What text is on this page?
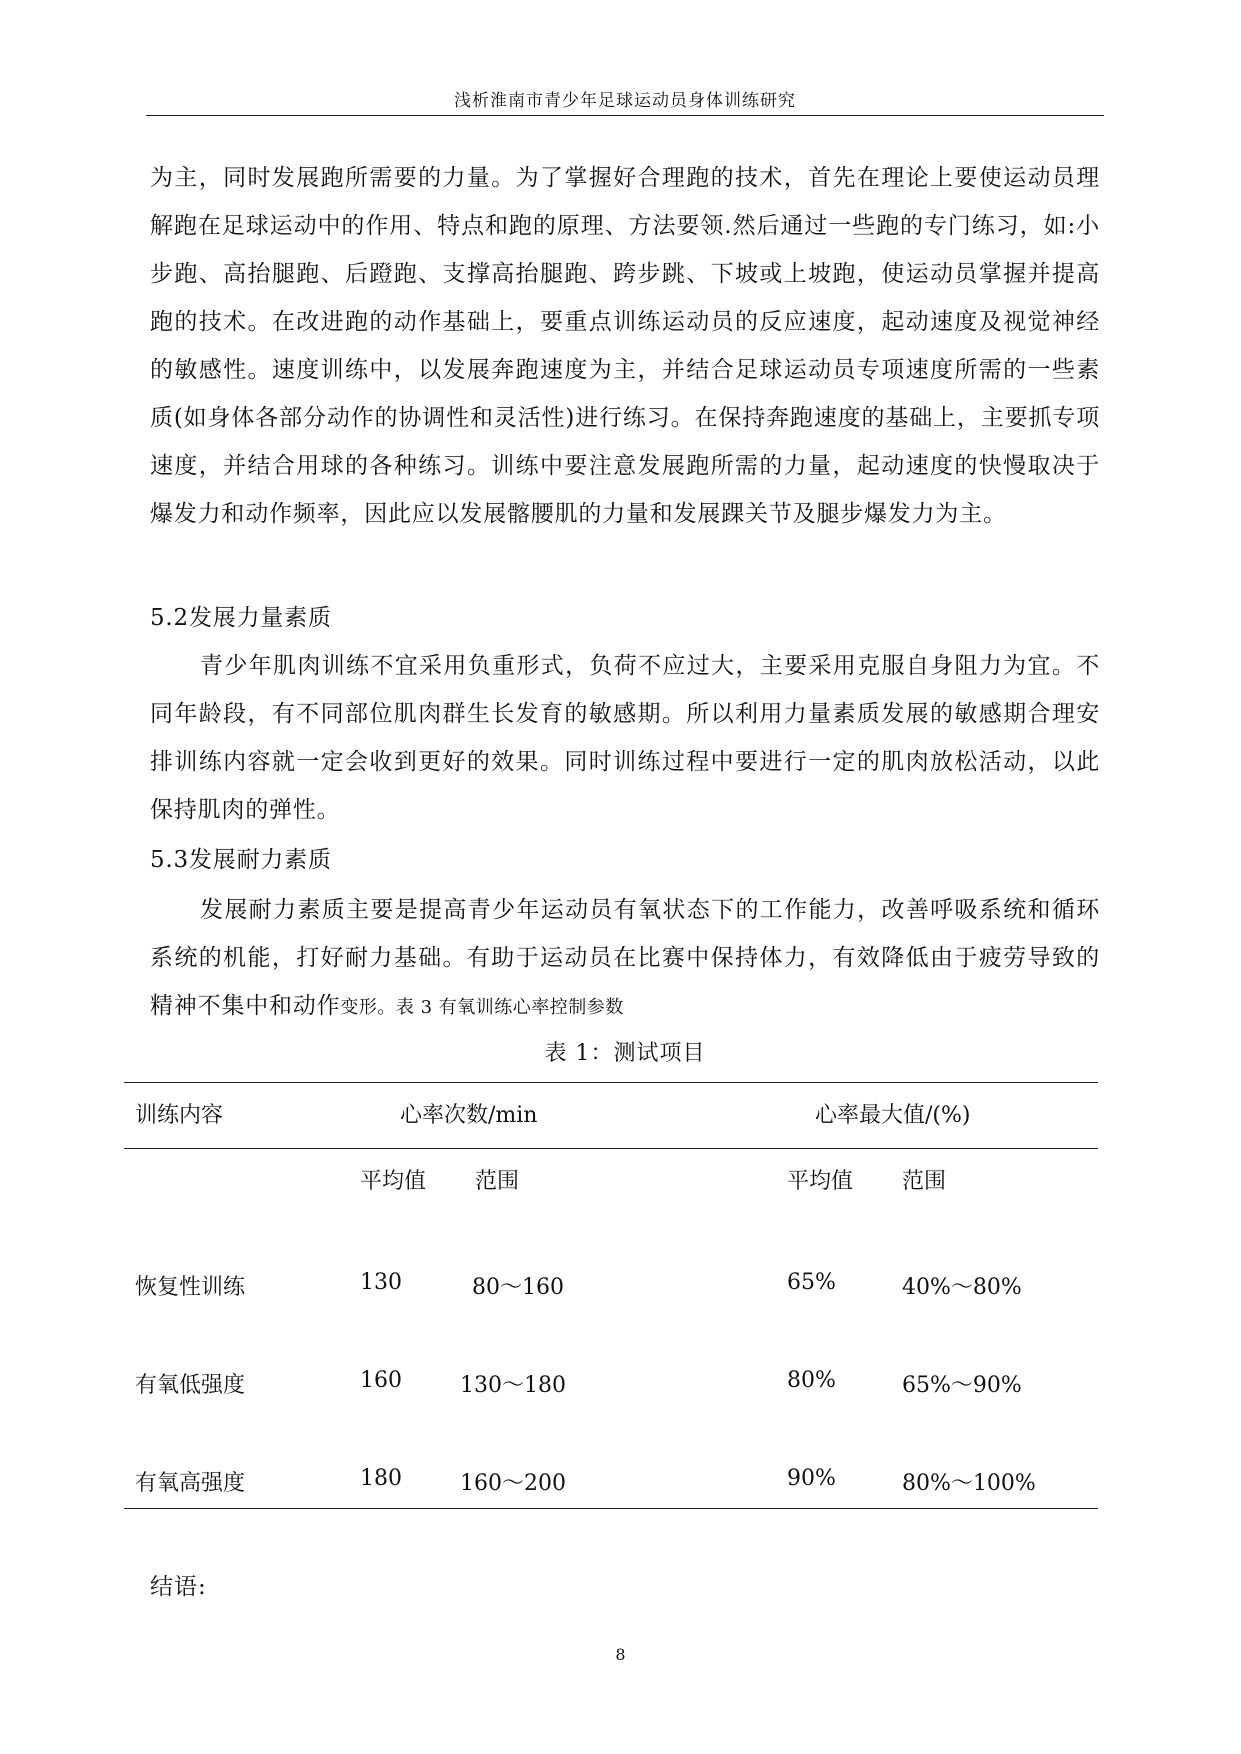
浅析淮南市青少年足球运动员身体训练研究
为主，同时发展跑所需要的力量。为了掌握好合理跑的技术，首先在理论上要使运动员理解跑在足球运动中的作用、特点和跑的原理、方法要领.然后通过一些跑的专门练习，如:小步跑、高抬腿跑、后蹬跑、支撑高抬腿跑、跨步跳、下坡或上坡跑，使运动员掌握并提高跑的技术。在改进跑的动作基础上，要重点训练运动员的反应速度，起动速度及视觉神经的敏感性。速度训练中，以发展奔跑速度为主，并结合足球运动员专项速度所需的一些素质(如身体各部分动作的协调性和灵活性)进行练习。在保持奔跑速度的基础上，主要抓专项速度，并结合用球的各种练习。训练中要注意发展跑所需的力量，起动速度的快慢取决于爆发力和动作频率，因此应以发展髂腰肌的力量和发展踝关节及腿步爆发力为主。
5.2发展力量素质
青少年肌肉训练不宜采用负重形式，负荷不应过大，主要采用克服自身阻力为宜。不同年龄段，有不同部位肌肉群生长发育的敏感期。所以利用力量素质发展的敏感期合理安排训练内容就一定会收到更好的效果。同时训练过程中要进行一定的肌肉放松活动，以此保持肌肉的弹性。
5.3发展耐力素质
发展耐力素质主要是提高青少年运动员有氧状态下的工作能力，改善呼吸系统和循环系统的机能，打好耐力基础。有助于运动员在比赛中保持体力，有效降低由于疲劳导致的精神不集中和动作变形。表 3 有氧训练心率控制参数
表 1：测试项目
训练内容	心率次数/min	心率最大值/(%)
平均值 范围	平均值 范围
恢复性训练	130	80～160	65%	40%～80%
有氧低强度	160	130～180	80%	65%～90%
有氧高强度	180	160～200	90%	80%～100%
结语:
8
